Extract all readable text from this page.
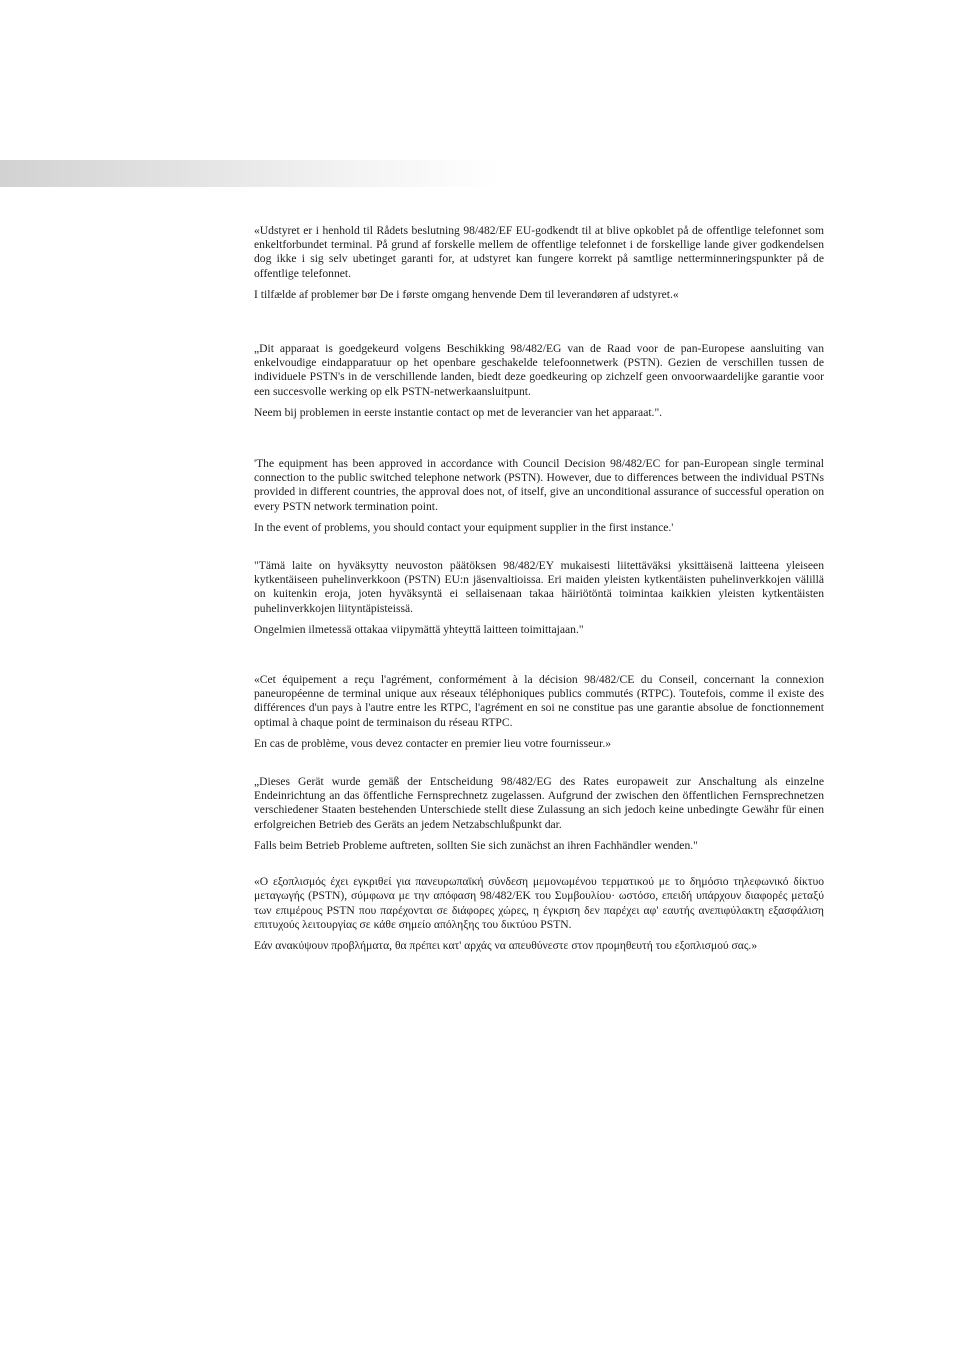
«Udstyret er i henhold til Rådets beslutning 98/482/EF EU-godkendt til at blive opkoblet på de offentlige telefonnet som enkeltforbundet terminal. På grund af forskelle mellem de offentlige telefonnet i de forskellige lande giver godkendelsen dog ikke i sig selv ubetinget garanti for, at udstyret kan fungere korrekt på samtlige netterminneringspunkter på de offentlige telefonnet.

I tilfælde af problemer bør De i første omgang henvende Dem til leverandøren af udstyret.«

„Dit apparaat is goedgekeurd volgens Beschikking 98/482/EG van de Raad voor de pan-Europese aansluiting van enkelvoudige eindapparatuur op het openbare geschakelde telefoonnetwerk (PSTN). Gezien de verschillen tussen de individuele PSTN's in de verschillende landen, biedt deze goedkeuring op zichzelf geen onvoorwaardelijke garantie voor een succesvolle werking op elk PSTN-netwerkaansluitpunt.

Neem bij problemen in eerste instantie contact op met de leverancier van het apparaat.".

'The equipment has been approved in accordance with Council Decision 98/482/EC for pan-European single terminal connection to the public switched telephone network (PSTN). However, due to differences between the individual PSTNs provided in different countries, the approval does not, of itself, give an unconditional assurance of successful operation on every PSTN network termination point.

In the event of problems, you should contact your equipment supplier in the first instance.'

"Tämä laite on hyväksytty neuvoston päätöksen 98/482/EY mukaisesti liitettäväksi yksittäisenä laitteena yleiseen kytkentäiseen puhelinverkkoon (PSTN) EU:n jäsenvaltioissa. Eri maiden yleisten kytkentäisten puhelinverkkojen välillä on kuitenkin eroja, joten hyväksyntä ei sellaisenaan takaa häiriötöntä toimintaa kaikkien yleisten kytkentäisten puhelinverkkojen liityntäpisteissä.

Ongelmien ilmetessä ottakaa viipymättä yhteyttä laitteen toimittajaan."

«Cet équipement a reçu l'agrément, conformément à la décision 98/482/CE du Conseil, concernant la connexion paneuropéenne de terminal unique aux réseaux téléphoniques publics commutés (RTPC). Toutefois, comme il existe des différences d'un pays à l'autre entre les RTPC, l'agrément en soi ne constitue pas une garantie absolue de fonctionnement optimal à chaque point de terminaison du réseau RTPC.

En cas de problème, vous devez contacter en premier lieu votre fournisseur.»

„Dieses Gerät wurde gemäß der Entscheidung 98/482/EG des Rates europaweit zur Anschaltung als einzelne Endeinrichtung an das öffentliche Fernsprechnetz zugelassen. Aufgrund der zwischen den öffentlichen Fernsprechnetzen verschiedener Staaten bestehenden Unterschiede stellt diese Zulassung an sich jedoch keine unbedingte Gewähr für einen erfolgreichen Betrieb des Geräts an jedem Netzabschlußpunkt dar.

Falls beim Betrieb Probleme auftreten, sollten Sie sich zunächst an ihren Fachhändler wenden."

«Ο εξοπλισμός έχει εγκριθεί για πανευρωπαϊκή σύνδεση μεμονωμένου τερματικού με το δημόσιο τηλεφωνικό δίκτυο μεταγωγής (PSTN), σύμφωνα με την απόφαση 98/482/ΕΚ του Συμβουλίου· ωστόσο, επειδή υπάρχουν διαφορές μεταξύ των επιμέρους PSTN που παρέχονται σε διάφορες χώρες, η έγκριση δεν παρέχει αφ' εαυτής ανεπιφύλακτη εξασφάλιση επιτυχούς λειτουργίας σε κάθε σημείο απόληξης του δικτύου PSTN.

Εάν ανακύψουν προβλήματα, θα πρέπει κατ' αρχάς να απευθύνεστε στον προμηθευτή του εξοπλισμού σας.»
